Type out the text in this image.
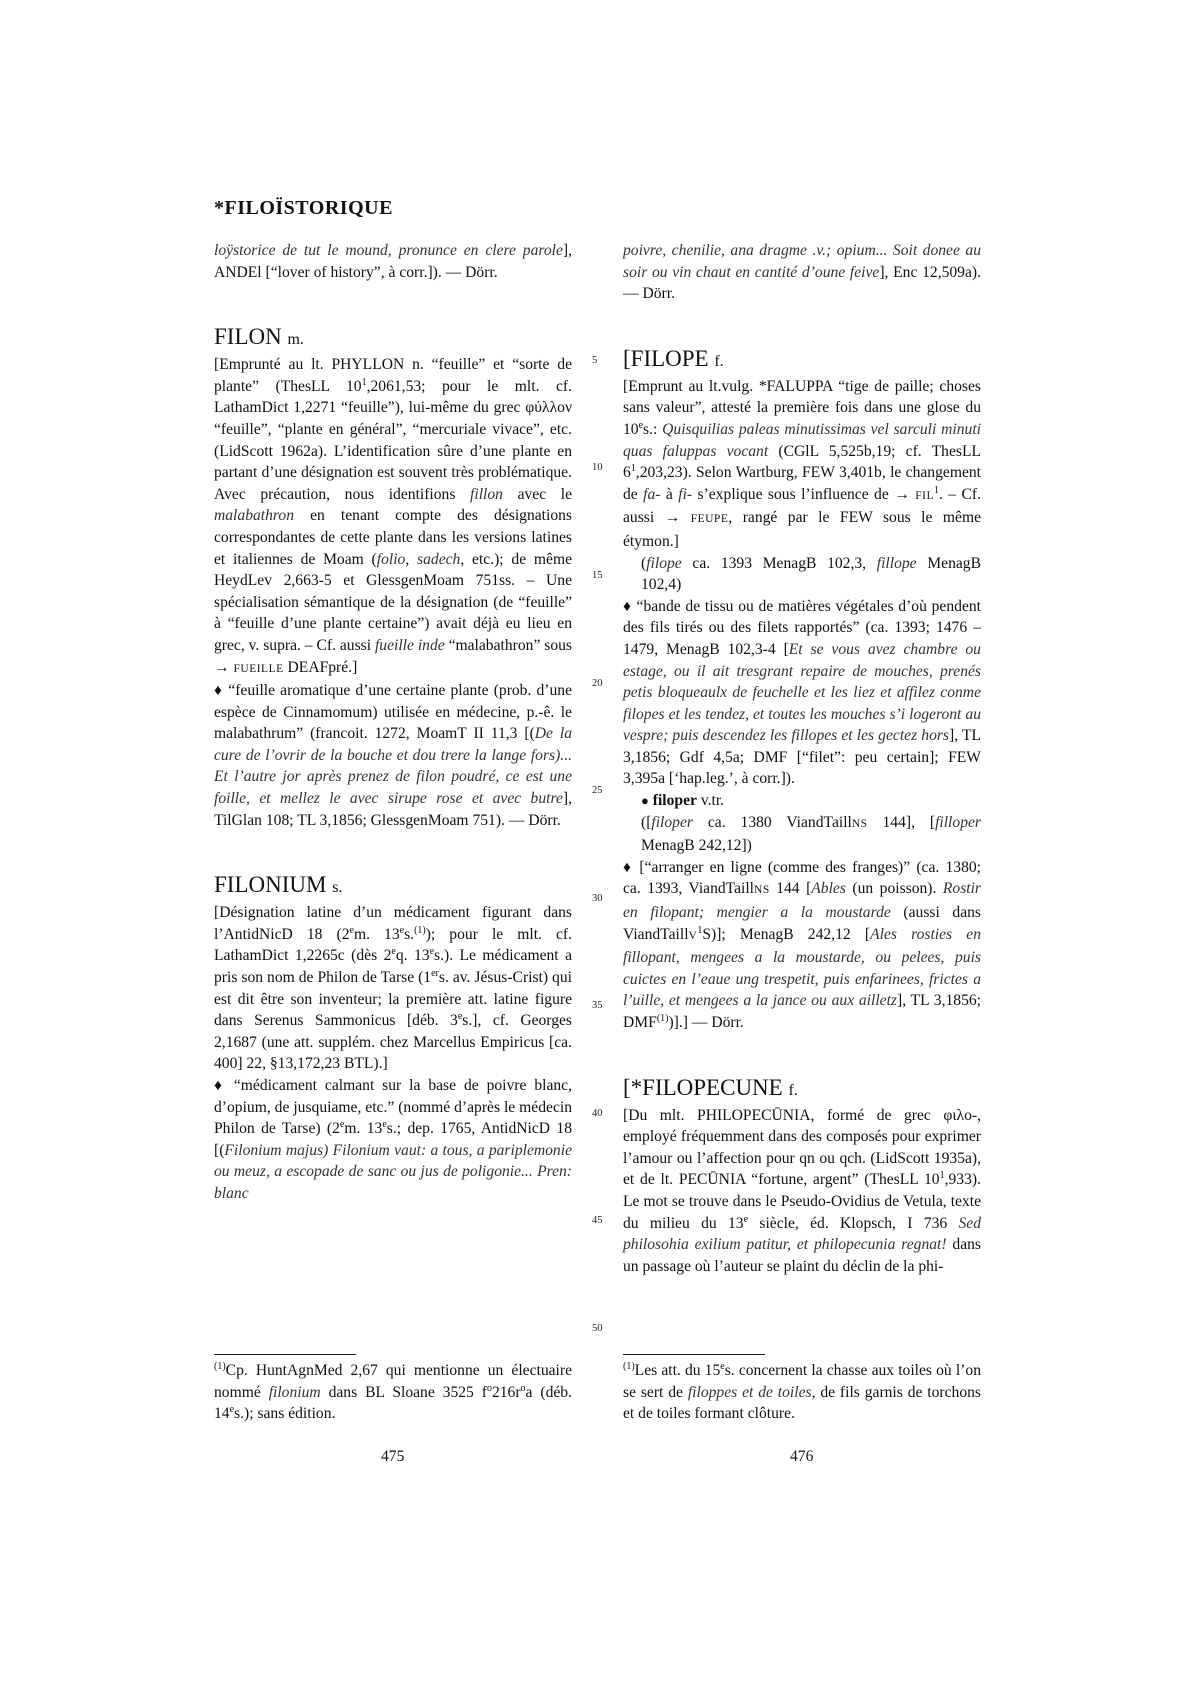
*FILOÏSTORIQUE

loÿstorice de tut le mound, pronunce en clere parole], ANDEl [“lover of history”, à corr.]). — Dörr.

FILON m.

[Emprunté au lt. PHYLLON n. “feuille” et “sorte de plante” (ThesLL $10^1,2061,53$; pour le mlt. cf. LathamDict 1,2271 “feuille”), lui-même du grec φύλλον “feuille”, “plante en général”, “mercuriale vivace”, etc. (LidScott 1962a). L’identification sûre d’une plante en partant d’une désignation est souvent très problématique. Avec précaution, nous identifions fillon avec le malabathron en tenant compte des désignations correspondantes de cette plante dans les versions latines et italiennes de Moam (folio, sadech, etc.); de même HeydLev 2,663-5 et GlessgenMoam 751ss. – Une spécialisation sémantique de la désignation (de “feuille” à “feuille d’une plante certaine”) avait déjà eu lieu en grec, v. supra. – Cf. aussi fueille inde “malabathron” sous → FUEILLE DEAFpré.]

♦ “feuille aromatique d’une certaine plante (prob. d’une espèce de Cinnamomum) utilisée en médecine, p.-ê. le malabathrum” (francoit. 1272, MoamT II 11,3 [(De la cure de l’ovrir de la bouche et dou trere la lange fors)... Et l’autre jor après prenez de filon poudré, ce est une foille, et mellez le avec sirupe rose et avec butre], TilGlan 108; TL 3,1856; GlessgenMoam 751). — Dörr.

FILONIUM s.

[Désignation latine d’un médicament figurant dans l’AntidNicD 18 (2em. 13es.$^{(1)}$); pour le mlt. cf. LathamDict 1,2265c (dès 2eq. 13es.). Le médicament a pris son nom de Philon de Tarse (1ers. av. Jésus-Crist) qui est dit être son inventeur; la première att. latine figure dans Serenus Sammonicus [déb. 3es.], cf. Georges 2,1687 (une att. supplém. chez Marcellus Empiricus [ca. 400] 22, §13,172,23 BTL).]

♦ “médicament calmant sur la base de poivre blanc, d’opium, de jusquiame, etc.” (nommé d’après le médecin Philon de Tarse) (2em. 13es.; dep. 1765, AntidNicD 18 [(Filonium majus) Filonium vaut: a tous, a pariplemonie ou meuz, a escopade de sanc ou jus de poligonie... Pren: blanc

$^{(1)}$Cp. HuntAgnMed 2,67 qui mentionne un électuaire nommé filonium dans BL Sloane 3525 $f^o216r^oa$ (déb. 14es.); sans édition.
5
10
15
20
25
30
35
40
45
50

poivre, chenilie, ana dragme .v.; opium... Soit donee au soir ou vin chaut en cantité d’oune feive], Enc 12,509a). — Dörr.

[FILOPE f.

[Emprunt au lt.vulg. *FALUPPA “tige de paille; choses sans valeur”, attesté la première fois dans une glose du 10es.: Quisquilias paleas minutissimas vel sarculi minuti quas faluppas vocant (CGlL 5,525b,19; cf. ThesLL $6^1,203,23$). Selon Wartburg, FEW 3,401b, le changement de fa- à fi- s’explique sous l’influence de → $FIL^1$. – Cf. aussi → FEUPE, rangé par le FEW sous le même étymon.]

(filope ca. 1393 MenagB 102,3, fillope MenagB 102,4)

♦ “bande de tissu ou de matières végétales d’où pendent des fils tirés ou des filets rapportés” (ca. 1393; 1476 – 1479, MenagB 102,3-4 [Et se vous avez chambre ou estage, ou il ait tresgrant repaire de mouches, prenés petis bloqueaulx de feuchelle et les liez et affilez conme filopes et les tendez, et toutes les mouches s’i logeront au vespre; puis descendez les fillopes et les gectez hors], TL 3,1856; Gdf 4,5a; DMF [“filet”: peu certain]; FEW 3,395a [‘hap.leg.’, à corr.]).

● filoper v.tr.

([filoper ca. 1380 ViandTaillNS 144], [filloper MenagB 242,12])

♦ [“arranger en ligne (comme des franges)” (ca. 1380; ca. 1393, ViandTaillNS 144 [Ables (un poisson). Rostir en filopant; mengier a la moustarde (aussi dans ViandTaillV$^1$S)]; MenagB 242,12 [Ales rosties en fillopant, mengees a la moustarde, ou pelees, puis cuictes en l’eaue ung trespetit, puis enfarinees, frictes a l’uille, et mengees a la jance ou aux ailletz], TL 3,1856; DMF$^{(1)}$)].] — Dörr.

[*FILOPECUNE f.

[Du mlt. PHILOPECŪNIA, formé de grec φιλο-, employé fréquemment dans des composés pour exprimer l’amour ou l’affection pour qn ou qch. (LidScott 1935a), et de lt. PECŪNIA “fortune, argent” (ThesLL $10^1,933$). Le mot se trouve dans le Pseudo-Ovidius de Vetula, texte du milieu du 13e siècle, éd. Klopsch, I 736 Sed philosohia exilium patitur, et philopecunia regnat! dans un passage où l’auteur se plaint du déclin de la phi-

$^{(1)}$Les att. du 15es. concernent la chasse aux toiles où l’on se sert de filoppes et de toiles, de fils garnis de torchons et de toiles formant clôture.
475	476
